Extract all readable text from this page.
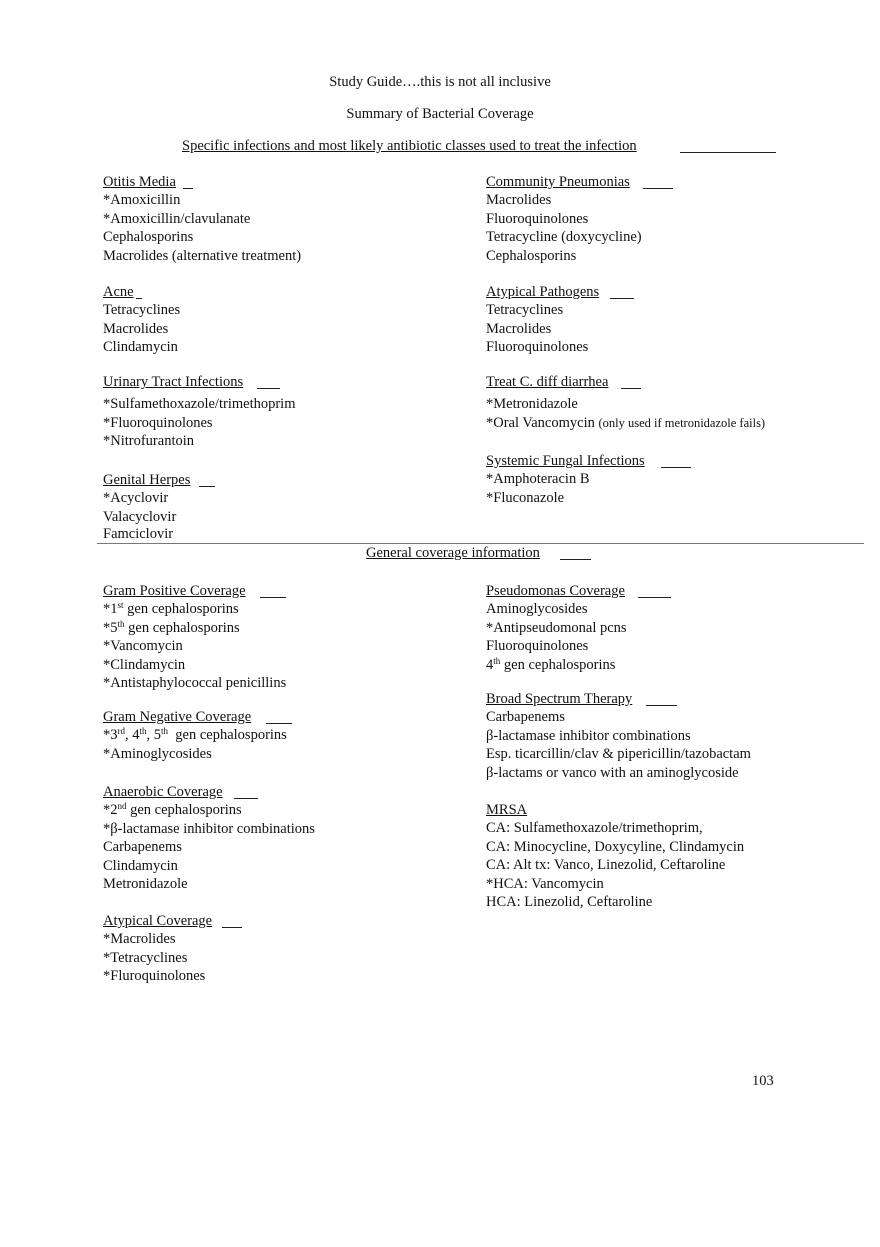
Study Guide….this is not all inclusive
Summary of Bacterial Coverage
Specific infections and most likely antibiotic classes used to treat the infection
Otitis Media
*Amoxicillin
*Amoxicillin/clavulanate
Cephalosporins
Macrolides (alternative treatment)
Acne
Tetracyclines
Macrolides
Clindamycin
Urinary Tract Infections
*Sulfamethoxazole/trimethoprim
*Fluoroquinolones
*Nitrofurantoin
Genital Herpes
*Acyclovir
Valacyclovir
Famciclovir
Community Pneumonias
Macrolides
Fluoroquinolones
Tetracycline (doxycycline)
Cephalosporins
Atypical Pathogens
Tetracyclines
Macrolides
Fluoroquinolones
Treat C. diff diarrhea
*Metronidazole
*Oral Vancomycin (only used if metronidazole fails)
Systemic Fungal Infections
*Amphoteracin B
*Fluconazole
General coverage information
Gram Positive Coverage
*1st gen cephalosporins
*5th gen cephalosporins
*Vancomycin
*Clindamycin
*Antistaphylococcal penicillins
Gram Negative Coverage
*3rd, 4th, 5th  gen cephalosporins
*Aminoglycosides
Anaerobic Coverage
*2nd gen cephalosporins
*β-lactamase inhibitor combinations
Carbapenems
Clindamycin
Metronidazole
Atypical Coverage
*Macrolides
*Tetracyclines
*Fluroquinolones
Pseudomonas Coverage
Aminoglycosides
*Antipseudomonal pcns
Fluoroquinolones
4th gen cephalosporins
Broad Spectrum Therapy
Carbapenems
β-lactamase inhibitor combinations
Esp. ticarcillin/clav & pipericillin/tazobactam
β-lactams or vanco with an aminoglycoside
MRSA
CA: Sulfamethoxazole/trimethoprim,
CA: Minocycline, Doxycyline, Clindamycin
CA: Alt tx: Vanco, Linezolid, Ceftaroline
*HCA: Vancomycin
HCA: Linezolid, Ceftaroline
103
